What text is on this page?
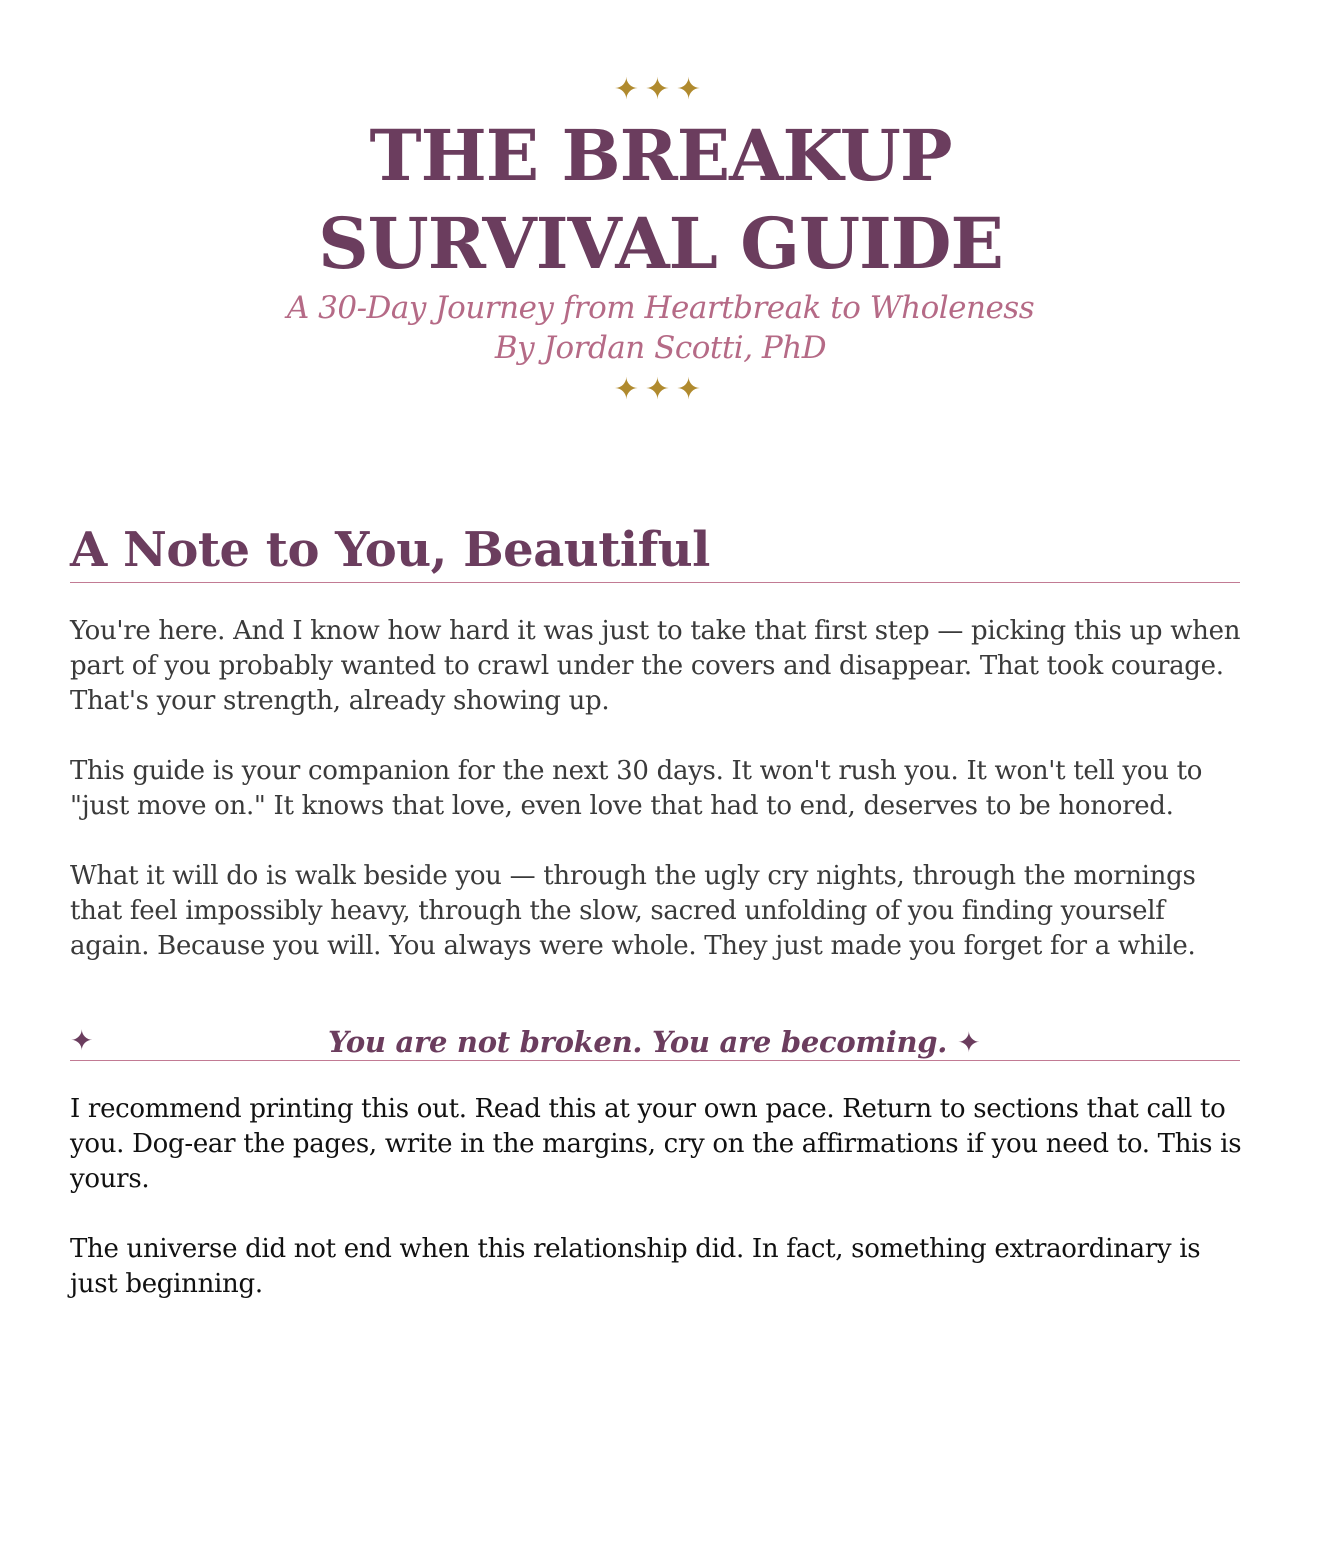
✦✦✦
THE BREAKUP
SURVIVAL GUIDE
A 30-Day Journey from Heartbreak to Wholeness
By Jordan Scotti, PhD
✦✦✦
A Note to You, Beautiful

You're here. And I know how hard it was just to take that first step — picking this up when part of you probably wanted to crawl under the covers and disappear. That took courage. That's your strength, already showing up.

This guide is your companion for the next 30 days. It won't rush you. It won't tell you to "just move on." It knows that love, even love that had to end, deserves to be honored.

What it will do is walk beside you — through the ugly cry nights, through the mornings that feel impossibly heavy, through the slow, sacred unfolding of you finding yourself again. Because you will. You always were whole. They just made you forget for a while.

✦	You are not broken. You are becoming. ✦

I recommend printing this out. Read this at your own pace. Return to sections that call to you. Dog-ear the pages, write in the margins, cry on the affirmations if you need to. This is yours.

The universe did not end when this relationship did. In fact, something extraordinary is just beginning.
